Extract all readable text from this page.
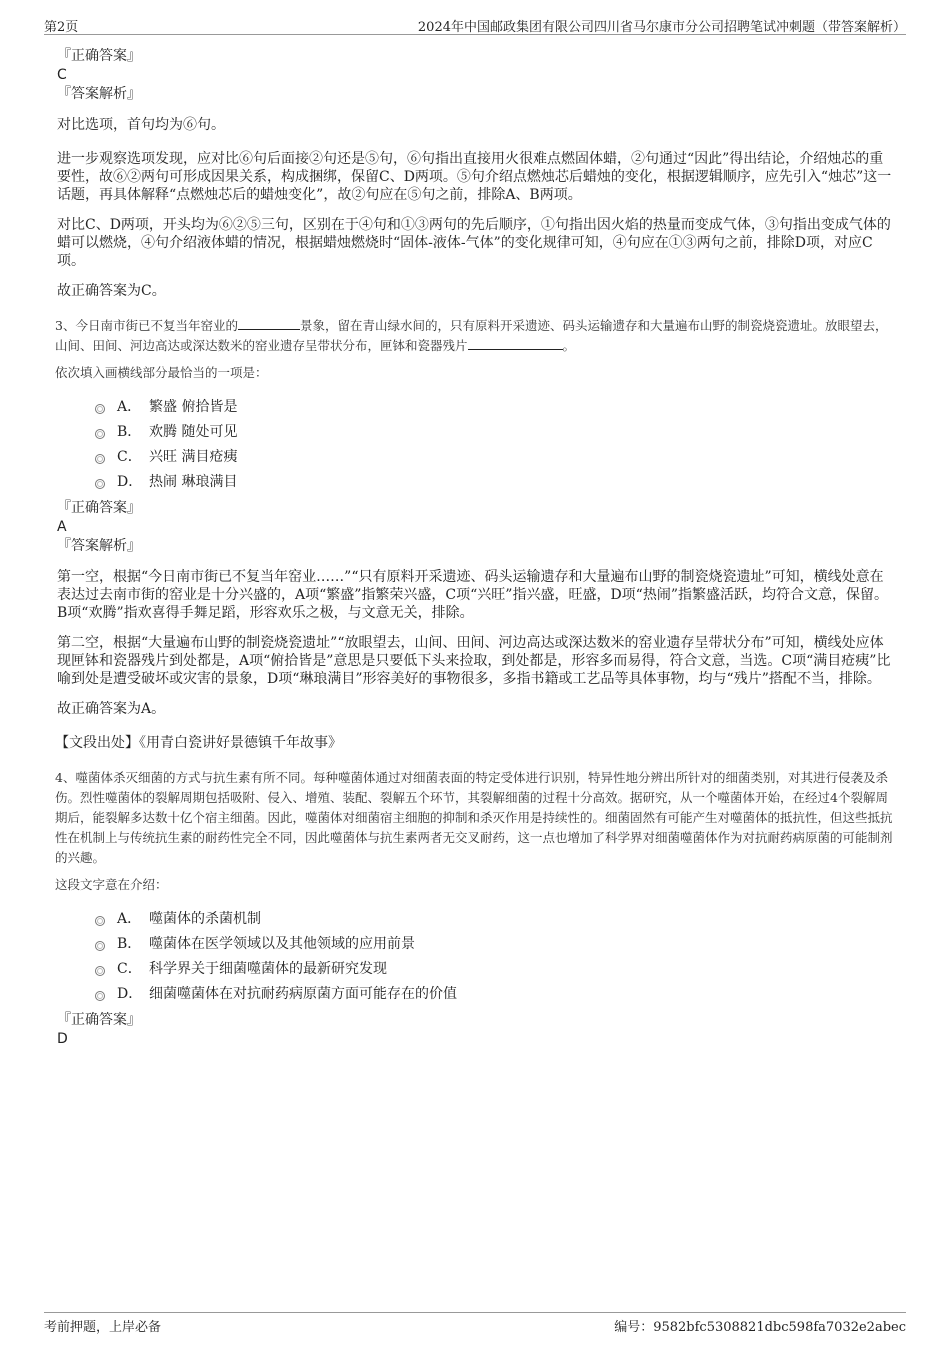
第2页	2024年中国邮政集团有限公司四川省马尔康市分公司招聘笔试冲刺题（带答案解析）
『正确答案』
C
『答案解析』

对比选项，首句均为⑥句。

进一步观察选项发现，应对比⑥句后面接②句还是⑤句，⑥句指出直接用火很难点燃固体蜡，②句通过“因此”得出结论，介绍烛芯的重要性，故⑥②两句可形成因果关系，构成捆绑，保留C、D两项。⑤句介绍点燃烛芯后蜡烛的变化，根据逻辑顺序，应先引入“烛芯”这一话题，再具体解释“点燃烛芯后的蜡烛变化”，故②句应在⑤句之前，排除A、B两项。

对比C、D两项，开头均为⑥②⑤三句，区别在于④句和①③两句的先后顺序，①句指出因火焰的热量而变成气体，③句指出变成气体的蜡可以燃烧，④句介绍液体蜡的情况，根据蜡烛燃烧时“固体-液体-气体”的变化规律可知，④句应在①③两句之前，排除D项，对应C项。

故正确答案为C。

3、今日南市街已不复当年窑业的	景象，留在青山绿水间的，只有原料开采遗迹、码头运输遗存和大量遍布山野的制瓷烧瓷遗址。放眼望去，山间、田间、河边高达或深达数米的窑业遗存呈带状分布，匣钵和瓷器残片	。
依次填入画横线部分最恰当的一项是：
A． 繁盛 俯拾皆是
B． 欢腾 随处可见
C． 兴旺 满目疮痍
D． 热闹 琳琅满目
『正确答案』
A
『答案解析』

第一空，根据“今日南市街已不复当年窑业……”“只有原料开采遗迹、码头运输遗存和大量遍布山野的制瓷烧瓷遗址”可知，横线处意在表达过去南市街的窑业是十分兴盛的，A项“繁盛”指繁荣兴盛，C项“兴旺”指兴盛，旺盛，D项“热闹”指繁盛活跃，均符合文意，保留。B项“欢腾”指欢喜得手舞足蹈，形容欢乐之极，与文意无关，排除。

第二空，根据“大量遍布山野的制瓷烧瓷遗址”“放眼望去，山间、田间、河边高达或深达数米的窑业遗存呈带状分布”可知，横线处应体现匣钵和瓷器残片到处都是，A项“俯拾皆是”意思是只要低下头来捡取，到处都是，形容多而易得，符合文意，当选。C项“满目疮痍”比喻到处是遭受破坏或灾害的景象，D项“琳琅满目”形容美好的事物很多，多指书籍或工艺品等具体事物，均与“残片”搭配不当，排除。

故正确答案为A。

【文段出处】《用青白瓷讲好景德镇千年故事》
4、噬菌体杀灭细菌的方式与抗生素有所不同。每种噬菌体通过对细菌表面的特定受体进行识别，特异性地分辨出所针对的细菌类别，对其进行侵袭及杀伤。烈性噬菌体的裂解周期包括吸附、侵入、增殖、装配、裂解五个环节，其裂解细菌的过程十分高效。据研究，从一个噬菌体开始，在经过4个裂解周期后，能裂解多达数十亿个宿主细菌。因此，噬菌体对细菌宿主细胞的抑制和杀灭作用是持续性的。细菌固然有可能产生对噬菌体的抵抗性，但这些抵抗性在机制上与传统抗生素的耐药性完全不同，因此噬菌体与抗生素两者无交叉耐药，这一点也增加了科学界对细菌噬菌体作为对抗耐药病原菌的可能制剂的兴趣。
这段文字意在介绍：
A． 噬菌体的杀菌机制
B． 噬菌体在医学领域以及其他领域的应用前景
C． 科学界关于细菌噬菌体的最新研究发现
D． 细菌噬菌体在对抗耐药病原菌方面可能存在的价值
『正确答案』
D
考前押题，上岸必备	编号：9582bfc5308821dbc598fa7032e2abec
